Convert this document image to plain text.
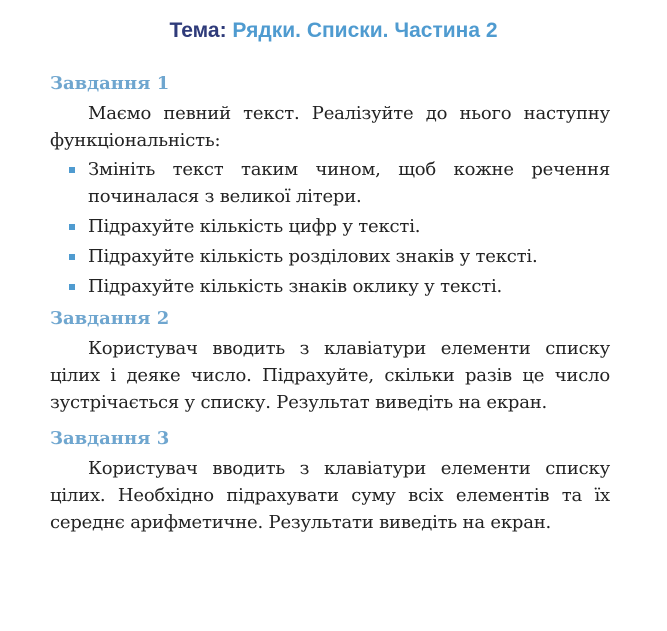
Тема: Рядки. Списки. Частина 2
Завдання 1

Маємо певний текст. Реалізуйте до нього наступну функціональність:

Змініть текст таким чином, щоб кожне речення починалася з великої літери.
Підрахуйте кількість цифр у тексті.
Підрахуйте кількість розділових знаків у тексті.
Підрахуйте кількість знаків оклику у тексті.
Завдання 2

Користувач вводить з клавіатури елементи списку цілих і деяке число. Підрахуйте, скільки разів це число зустрічається у списку. Результат виведіть на екран.

Завдання 3

Користувач вводить з клавіатури елементи списку цілих. Необхідно підрахувати суму всіх елементів та їх середнє арифметичне. Результати виведіть на екран.
